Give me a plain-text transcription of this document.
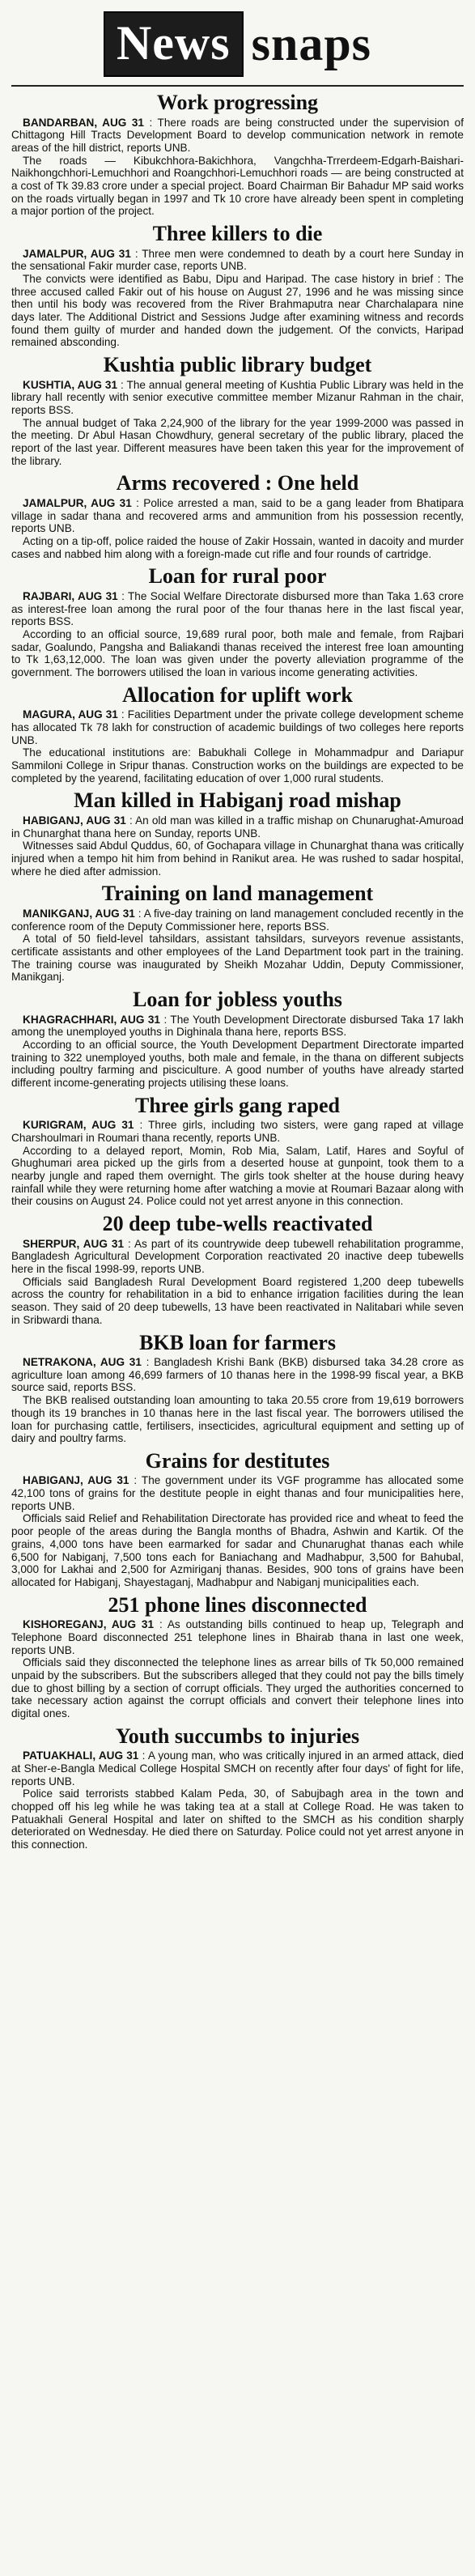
News snaps
Work progressing

BANDARBAN, AUG 31 : There roads are being constructed under the supervision of Chittagong Hill Tracts Development Board to develop communication network in remote areas of the hill district, reports UNB.

The roads — Kibukchhora-Bakichhora, Vangchha-Trrerdeem-Edgarh-Baishari-Naikhongchhori-Lemuchhori and Roangchhori-Lemuchhori roads — are being constructed at a cost of Tk 39.83 crore under a special project. Board Chairman Bir Bahadur MP said works on the roads virtually began in 1997 and Tk 10 crore have already been spent in completing a major portion of the project.

Three killers to die

JAMALPUR, AUG 31 : Three men were condemned to death by a court here Sunday in the sensational Fakir murder case, reports UNB.

The convicts were identified as Babu, Dipu and Haripad. The case history in brief : The three accused called Fakir out of his house on August 27, 1996 and he was missing since then until his body was recovered from the River Brahmaputra near Charchalapara nine days later. The Additional District and Sessions Judge after examining witness and records found them guilty of murder and handed down the judgement. Of the convicts, Haripad remained absconding.

Kushtia public library budget

KUSHTIA, AUG 31 : The annual general meeting of Kushtia Public Library was held in the library hall recently with senior executive committee member Mizanur Rahman in the chair, reports BSS.

The annual budget of Taka 2,24,900 of the library for the year 1999-2000 was passed in the meeting. Dr Abul Hasan Chowdhury, general secretary of the public library, placed the report of the last year. Different measures have been taken this year for the improvement of the library.

Arms recovered : One held

JAMALPUR, AUG 31 : Police arrested a man, said to be a gang leader from Bhatipara village in sadar thana and recovered arms and ammunition from his possession recently, reports UNB.

Acting on a tip-off, police raided the house of Zakir Hossain, wanted in dacoity and murder cases and nabbed him along with a foreign-made cut rifle and four rounds of cartridge.

Loan for rural poor

RAJBARI, AUG 31 : The Social Welfare Directorate disbursed more than Taka 1.63 crore as interest-free loan among the rural poor of the four thanas here in the last fiscal year, reports BSS.

According to an official source, 19,689 rural poor, both male and female, from Rajbari sadar, Goalundo, Pangsha and Baliakandi thanas received the interest free loan amounting to Tk 1,63,12,000. The loan was given under the poverty alleviation programme of the government. The borrowers utilised the loan in various income generating activities.

Allocation for uplift work

MAGURA, AUG 31 : Facilities Department under the private college development scheme has allocated Tk 78 lakh for construction of academic buildings of two colleges here reports UNB.

The educational institutions are: Babukhali College in Mohammadpur and Dariapur Sammiloni College in Sripur thanas. Construction works on the buildings are expected to be completed by the yearend, facilitating education of over 1,000 rural students.

Man killed in Habiganj road mishap

HABIGANJ, AUG 31 : An old man was killed in a traffic mishap on Chunarughat-Amuroad in Chunarghat thana here on Sunday, reports UNB.

Witnesses said Abdul Quddus, 60, of Gochapara village in Chunarghat thana was critically injured when a tempo hit him from behind in Ranikut area. He was rushed to sadar hospital, where he died after admission.

Training on land management

MANIKGANJ, AUG 31 : A five-day training on land management concluded recently in the conference room of the Deputy Commissioner here, reports BSS.

A total of 50 field-level tahsildars, assistant tahsildars, surveyors revenue assistants, certificate assistants and other employees of the Land Department took part in the training. The training course was inaugurated by Sheikh Mozahar Uddin, Deputy Commissioner, Manikganj.

Loan for jobless youths

KHAGRACHHARI, AUG 31 : The Youth Development Directorate disbursed Taka 17 lakh among the unemployed youths in Dighinala thana here, reports BSS.

According to an official source, the Youth Development Department Directorate imparted training to 322 unemployed youths, both male and female, in the thana on different subjects including poultry farming and pisciculture. A good number of youths have already started different income-generating projects utilising these loans.

Three girls gang raped

KURIGRAM, AUG 31 : Three girls, including two sisters, were gang raped at village Charshoulmari in Roumari thana recently, reports UNB.

According to a delayed report, Momin, Rob Mia, Salam, Latif, Hares and Soyful of Ghughumari area picked up the girls from a deserted house at gunpoint, took them to a nearby jungle and raped them overnight. The girls took shelter at the house during heavy rainfall while they were returning home after watching a movie at Roumari Bazaar along with their cousins on August 24. Police could not yet arrest anyone in this connection.

20 deep tube-wells reactivated

SHERPUR, AUG 31 : As part of its countrywide deep tubewell rehabilitation programme, Bangladesh Agricultural Development Corporation reactivated 20 inactive deep tubewells here in the fiscal 1998-99, reports UNB.

Officials said Bangladesh Rural Development Board registered 1,200 deep tubewells across the country for rehabilitation in a bid to enhance irrigation facilities during the lean season. They said of 20 deep tubewells, 13 have been reactivated in Nalitabari while seven in Sribwardi thana.

BKB loan for farmers

NETRAKONA, AUG 31 : Bangladesh Krishi Bank (BKB) disbursed taka 34.28 crore as agriculture loan among 46,699 farmers of 10 thanas here in the 1998-99 fiscal year, a BKB source said, reports BSS.

The BKB realised outstanding loan amounting to taka 20.55 crore from 19,619 borrowers though its 19 branches in 10 thanas here in the last fiscal year. The borrowers utilised the loan for purchasing cattle, fertilisers, insecticides, agricultural equipment and setting up of dairy and poultry farms.

Grains for destitutes

HABIGANJ, AUG 31 : The government under its VGF programme has allocated some 42,100 tons of grains for the destitute people in eight thanas and four municipalities here, reports UNB.

Officials said Relief and Rehabilitation Directorate has provided rice and wheat to feed the poor people of the areas during the Bangla months of Bhadra, Ashwin and Kartik. Of the grains, 4,000 tons have been earmarked for sadar and Chunarughat thanas each while 6,500 for Nabiganj, 7,500 tons each for Baniachang and Madhabpur, 3,500 for Bahubal, 3,000 for Lakhai and 2,500 for Azmiriganj thanas. Besides, 900 tons of grains have been allocated for Habiganj, Shayestaganj, Madhabpur and Nabiganj municipalities each.

251 phone lines disconnected

KISHOREGANJ, AUG 31 : As outstanding bills continued to heap up, Telegraph and Telephone Board disconnected 251 telephone lines in Bhairab thana in last one week, reports UNB.

Officials said they disconnected the telephone lines as arrear bills of Tk 50,000 remained unpaid by the subscribers. But the subscribers alleged that they could not pay the bills timely due to ghost billing by a section of corrupt officials. They urged the authorities concerned to take necessary action against the corrupt officials and convert their telephone lines into digital ones.

Youth succumbs to injuries

PATUAKHALI, AUG 31 : A young man, who was critically injured in an armed attack, died at Sher-e-Bangla Medical College Hospital SMCH on recently after four days' of fight for life, reports UNB.

Police said terrorists stabbed Kalam Peda, 30, of Sabujbagh area in the town and chopped off his leg while he was taking tea at a stall at College Road. He was taken to Patuakhali General Hospital and later on shifted to the SMCH as his condition sharply deteriorated on Wednesday. He died there on Saturday. Police could not yet arrest anyone in this connection.
